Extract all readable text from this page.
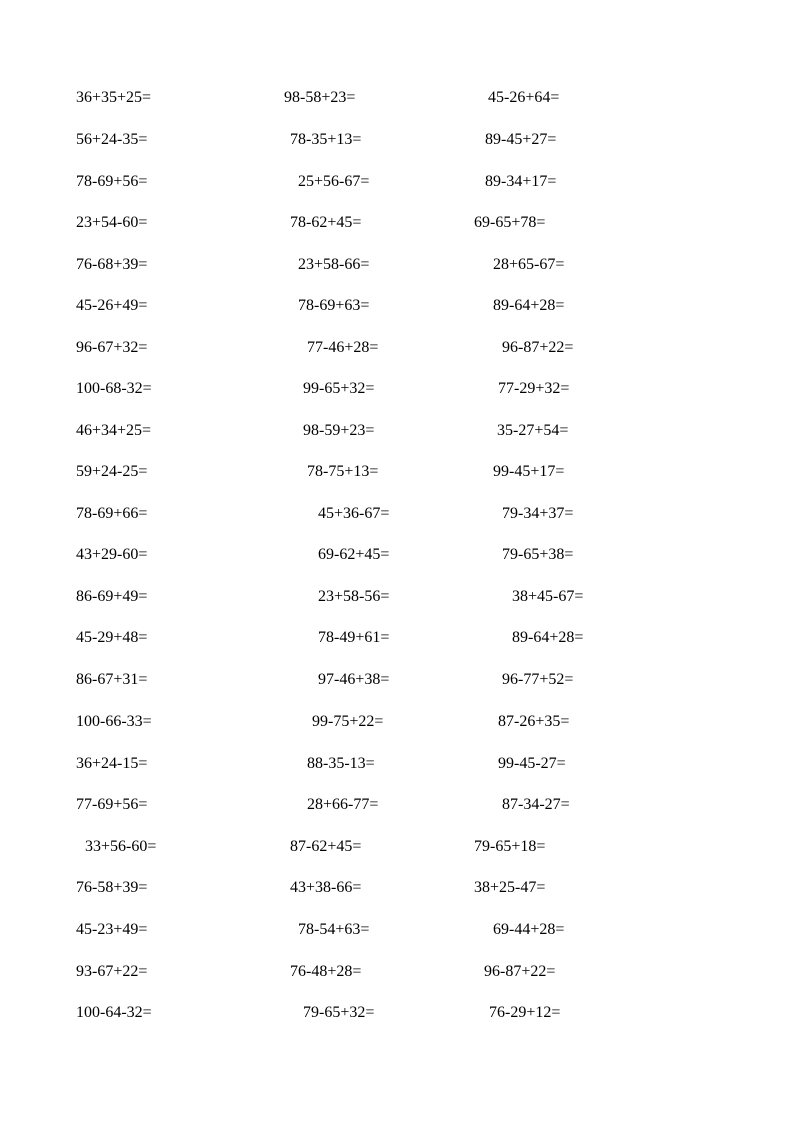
36+35+25=	98-58+23=	45-26+64=
56+24-35=	78-35+13=	89-45+27=
78-69+56=	25+56-67=	89-34+17=
23+54-60=	78-62+45=	69-65+78=
76-68+39=	23+58-66=	28+65-67=
45-26+49=	78-69+63=	89-64+28=
96-67+32=	77-46+28=	96-87+22=
100-68-32=	99-65+32=	77-29+32=
46+34+25=	98-59+23=	35-27+54=
59+24-25=	78-75+13=	99-45+17=
78-69+66=	45+36-67=	79-34+37=
43+29-60=	69-62+45=	79-65+38=
86-69+49=	23+58-56=	38+45-67=
45-29+48=	78-49+61=	89-64+28=
86-67+31=	97-46+38=	96-77+52=
100-66-33=	99-75+22=	87-26+35=
36+24-15=	88-35-13=	99-45-27=
77-69+56=	28+66-77=	87-34-27=
33+56-60=	87-62+45=	79-65+18=
76-58+39=	43+38-66=	38+25-47=
45-23+49=	78-54+63=	69-44+28=
93-67+22=	76-48+28=	96-87+22=
100-64-32=	79-65+32=	76-29+12=
